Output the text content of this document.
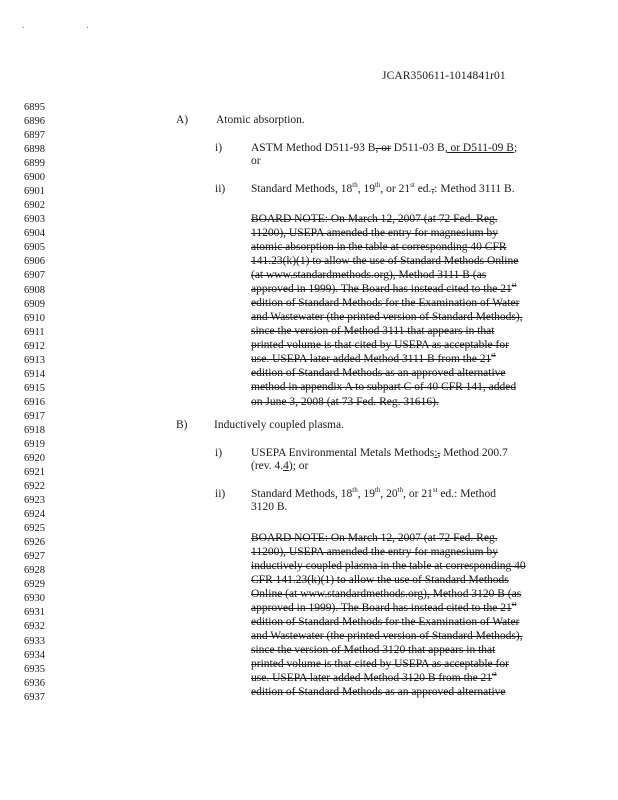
. .
JCAR350611-1014841r01
6895
6896
6897
6898
6899
6900
6901
6902
6903
6904
6905
6906
6907
6908
6909
6910
6911
6912
6913
6914
6915
6916
6917
6918
6919
6920
6921
6922
6923
6924
6925
6926
6927
6928
6929
6930
6931
6932
6933
6934
6935
6936
6937
A) Atomic absorption.
i)	ASTM Method D511-93 B, or D511-03 B, or D511-09 B;
or
ii) Standard Methods, 18th, 19th, or 21st ed.,: Method 3111 B.
BOARD NOTE: On March 12, 2007 (at 72 Fed. Reg.
11200), USEPA amended the entry for magnesium by
atomic absorption in the table at corresponding 40 CFR
141.23(k)(1) to allow the use of Standard Methods Online
(at www.standardmethods.org), Method 3111 B (as
approved in 1999). The Board has instead cited to the 21st
edition of Standard Methods for the Examination of Water
and Wastewater (the printed version of Standard Methods),
since the version of Method 3111 that appears in that
printed volume is that cited by USEPA as acceptable for
use. USEPA later added Method 3111 B from the 21st
edition of Standard Methods as an approved alternative
method in appendix A to subpart C of 40 CFR 141, added
on June 3, 2008 (at 73 Fed. Reg. 31616).
B) Inductively coupled plasma.
i)	USEPA Environmental Metals Methods:, Method 200.7
(rev. 4.4); or
ii) Standard Methods, 18th, 19th, 20th, or 21st ed.: Method
3120 B.
BOARD NOTE: On March 12, 2007 (at 72 Fed. Reg.
11200), USEPA amended the entry for magnesium by
inductively coupled plasma in the table at corresponding 40
CFR 141.23(k)(1) to allow the use of Standard Methods
Online (at www.standardmethods.org), Method 3120 B (as
approved in 1999). The Board has instead cited to the 21st
edition of Standard Methods for the Examination of Water
and Wastewater (the printed version of Standard Methods),
since the version of Method 3120 that appears in that
printed volume is that cited by USEPA as acceptable for
use. USEPA later added Method 3120 B from the 21st
edition of Standard Methods as an approved alternative
